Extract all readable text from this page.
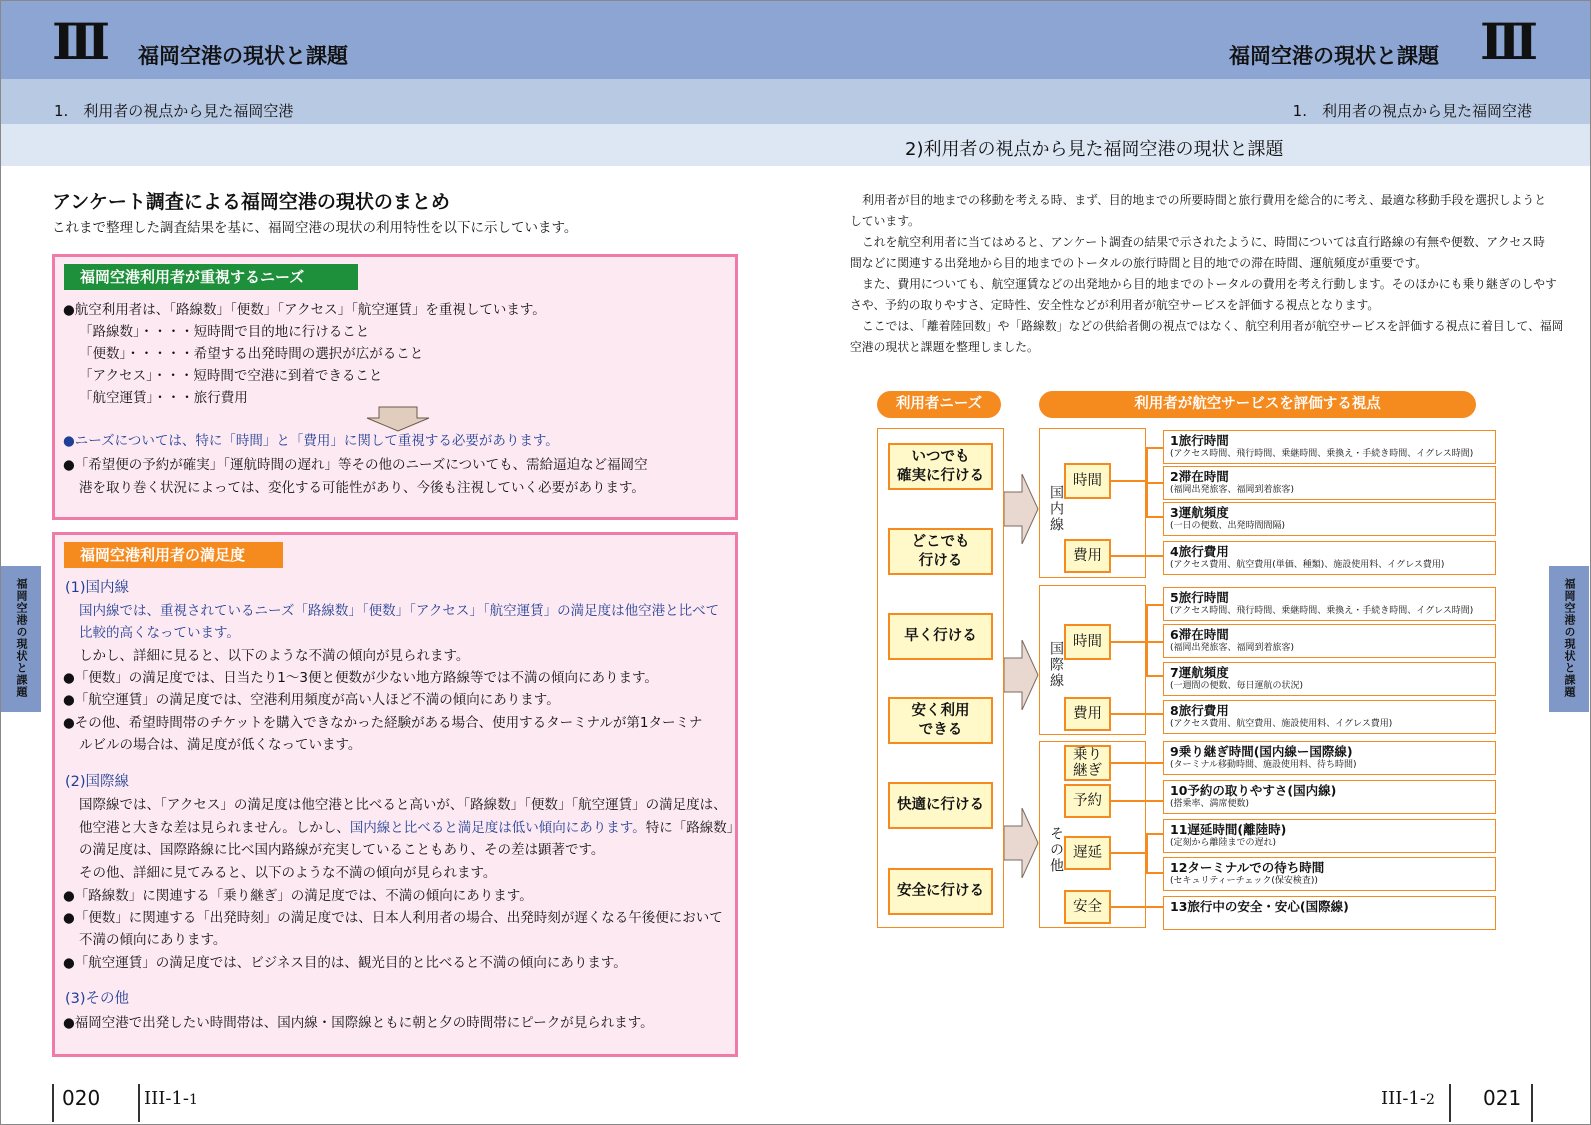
III 福岡空港の現状と課題	III
福岡空港の現状と課題
1.　利用者の視点から見た福岡空港	1.　利用者の視点から見た福岡空港
2)利用者の視点から見た福岡空港の現状と課題
福岡空港の現状と課題	福岡空港の現状と課題
アンケート調査による福岡空港の現状のまとめ
これまで整理した調査結果を基に、福岡空港の現状の利用特性を以下に示しています。
福岡空港利用者が重視するニーズ
●航空利用者は、「路線数」「便数」「アクセス」「航空運賃」を重視しています。
「路線数」・・・・短時間で目的地に行けること
「便数」・・・・・希望する出発時間の選択が広がること
「アクセス」・・・短時間で空港に到着できること
「航空運賃」・・・旅行費用
●ニーズについては、特に「時間」と「費用」に関して重視する必要があります。
●「希望便の予約が確実」「運航時間の遅れ」等その他のニーズについても、需給逼迫など福岡空
港を取り巻く状況によっては、変化する可能性があり、今後も注視していく必要があります。
福岡空港利用者の満足度
(1)国内線
国内線では、重視されているニーズ「路線数」「便数」「アクセス」「航空運賃」の満足度は他空港と比べて
比較的高くなっています。
しかし、詳細に見ると、以下のような不満の傾向が見られます。
●「便数」の満足度では、日当たり1～3便と便数が少ない地方路線等では不満の傾向にあります。
●「航空運賃」の満足度では、空港利用頻度が高い人ほど不満の傾向にあります。
●その他、希望時間帯のチケットを購入できなかった経験がある場合、使用するターミナルが第1ターミナ
ルビルの場合は、満足度が低くなっています。
(2)国際線
国際線では、「アクセス」の満足度は他空港と比べると高いが、「路線数」「便数」「航空運賃」の満足度は、
他空港と大きな差は見られません。しかし、国内線と比べると満足度は低い傾向にあります。特に「路線数」
の満足度は、国際路線に比べ国内路線が充実していることもあり、その差は顕著です。
その他、詳細に見てみると、以下のような不満の傾向が見られます。
●「路線数」に関連する「乗り継ぎ」の満足度では、不満の傾向にあります。
●「便数」に関連する「出発時刻」の満足度では、日本人利用者の場合、出発時刻が遅くなる午後便において
不満の傾向にあります。
●「航空運賃」の満足度では、ビジネス目的は、観光目的と比べると不満の傾向にあります。
(3)その他
●福岡空港で出発したい時間帯は、国内線・国際線ともに朝と夕の時間帯にピークが見られます。
利用者が目的地までの移動を考える時、まず、目的地までの所要時間と旅行費用を総合的に考え、最適な移動手段を選択しようと
しています。
これを航空利用者に当てはめると、アンケート調査の結果で示されたように、時間については直行路線の有無や便数、アクセス時
間などに関連する出発地から目的地までのトータルの旅行時間と目的地での滞在時間、運航頻度が重要です。
また、費用についても、航空運賃などの出発地から目的地までのトータルの費用を考え行動します。そのほかにも乗り継ぎのしやす
さや、予約の取りやすさ、定時性、安全性などが利用者が航空サービスを評価する視点となります。
ここでは、「離着陸回数」や「路線数」などの供給者側の視点ではなく、航空利用者が航空サービスを評価する視点に着目して、福岡
空港の現状と課題を整理しました。
利用者ニーズ	利用者が航空サービスを評価する視点
いつでも
確実に行ける
どこでも
行ける
早く行ける
安く利用
できる
快適に行ける
安全に行ける
国内線
国際線
その他
時間
費用
時間
費用
乗り
継ぎ
予約
遅延
安全
1旅行時間
(アクセス時間、飛行時間、乗継時間、乗換え・手続き時間、イグレス時間)
2滞在時間
(福岡出発旅客、福岡到着旅客)
3運航頻度
(一日の便数、出発時間間隔)
4旅行費用
(アクセス費用、航空費用(単価、種類)、施設使用料、イグレス費用)
5旅行時間
(アクセス時間、飛行時間、乗継時間、乗換え・手続き時間、イグレス時間)
6滞在時間
(福岡出発旅客、福岡到着旅客)
7運航頻度
(一週間の便数、毎日運航の状況)
8旅行費用
(アクセス費用、航空費用、施設使用料、イグレス費用)
9乗り継ぎ時間(国内線ー国際線)
(ターミナル移動時間、施設使用料、待ち時間)
10予約の取りやすさ(国内線)
(搭乗率、満席便数)
11遅延時間(離陸時)
(定刻から離陸までの遅れ)
12ターミナルでの待ち時間
(セキュリティーチェック(保安検査))
13旅行中の安全・安心(国際線)
020 III-1-1	III-1-2 021
